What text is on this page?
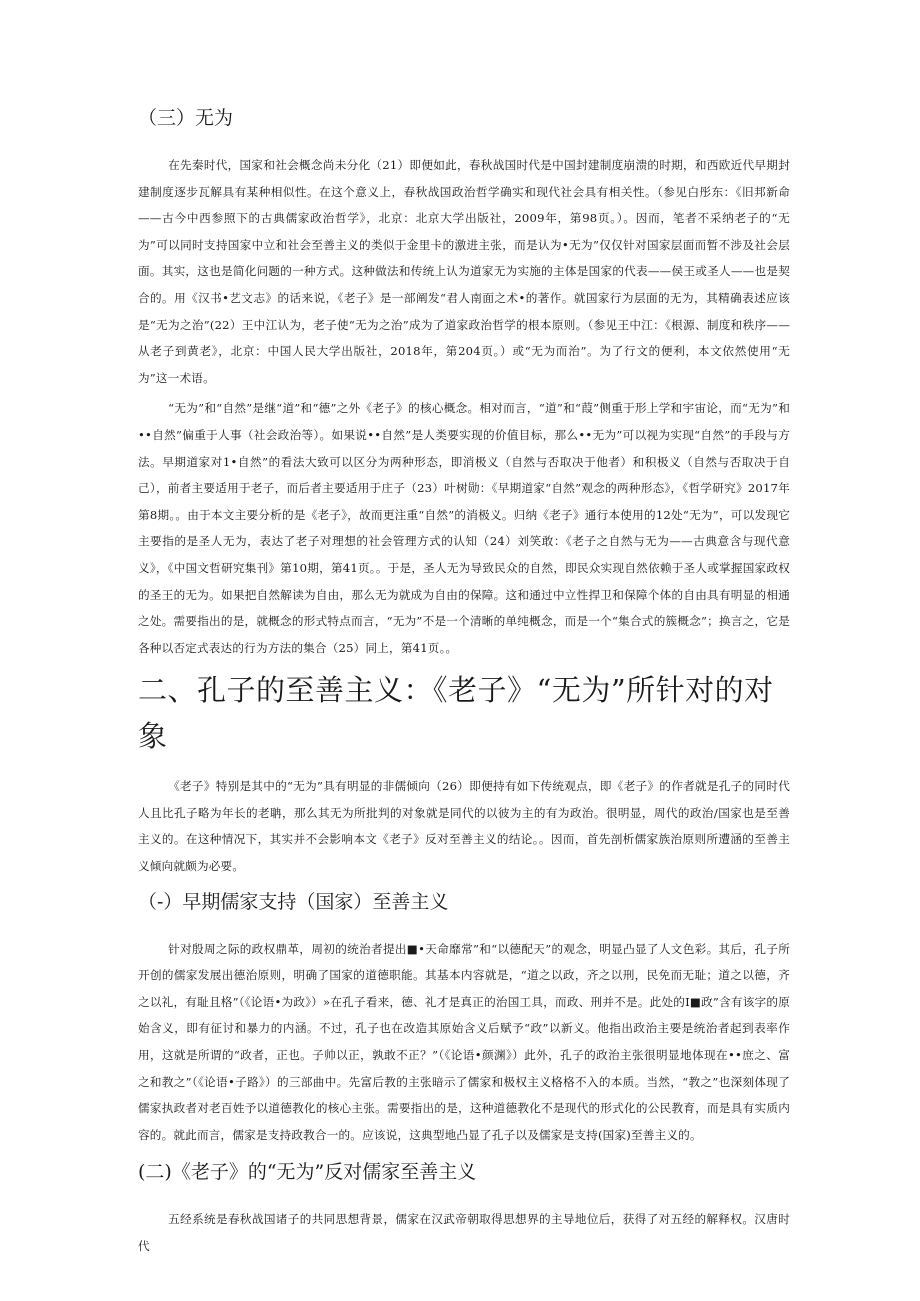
（三）无为

在先秦时代，国家和社会概念尚未分化（21）即便如此，春秋战国时代是中国封建制度崩溃的时期，和西欧近代早期封建制度逐步瓦解具有某种相似性。在这个意义上，春秋战国政治哲学确实和现代社会具有相关性。（参见白彤东：《旧邦新命——古今中西参照下的古典儒家政治哲学》，北京：北京大学出版社，2009年，第98页。）。因而，笔者不采纳老子的“无为”可以同时支持国家中立和社会至善主义的类似于金里卡的激进主张，而是认为•无为”仅仅针对国家层面而暂不涉及社会层面。其实，这也是简化问题的一种方式。这种做法和传统上认为道家无为实施的主体是国家的代表——侯王或圣人——也是契合的。用《汉书•艺文志》的话来说，《老子》是一部阐发“君人南面之术•的著作。就国家行为层面的无为，其精确表述应该是“无为之治”(22）王中江认为，老子使“无为之治”成为了道家政治哲学的根本原则。（参见王中江：《根源、制度和秩序——从老子到黄老》，北京：中国人民大学出版社，2018年，第204页。）或“无为而治”。为了行文的便利，本文依然使用“无为”这一术语。

“无为”和“自然”是继“道”和“德”之外《老子》的核心概念。相对而言，“道”和“葭”侧重于形上学和宇宙论，而“无为”和••自然”偏重于人事（社会政治等）。如果说••自然”是人类要实现的价值目标，那么••无为”可以视为实现“自然”的手段与方法。早期道家对1•自然”的看法大致可以区分为两种形态，即消极义（自然与否取决于他者）和积极义（自然与否取决于自己），前者主要适用于老子，而后者主要适用于庄子（23）叶树勋：《早期道家“自然”观念的两种形态》，《哲学研究》2017年第8期。。由于本文主要分析的是《老子》，故而更注重“自然”的消极义。归纳《老子》通行本使用的12处“无为”，可以发现它主要指的是圣人无为，表达了老子对理想的社会管理方式的认知（24）刘笑敢：《老子之自然与无为——古典意含与现代意义》，《中国文哲研究集刊》第10期，第41页。。于是，圣人无为导致民众的自然，即民众实现自然依赖于圣人或掌握国家政权的圣王的无为。如果把自然解读为自由，那么无为就成为自由的保障。这和通过中立性捍卫和保障个体的自由具有明显的相通之处。需要指出的是，就概念的形式特点而言，“无为”不是一个清晰的单纯概念，而是一个“集合式的簇概念”；换言之，它是各种以否定式表达的行为方法的集合（25）同上，第41页。。

二、孔子的至善主义：《老子》“无为”所针对的对象

《老子》特别是其中的“无为”具有明显的非儒倾向（26）即便持有如下传统观点，即《老子》的作者就是孔子的同时代人且比孔子略为年长的老聃，那么其无为所批判的对象就是同代的以彼为主的有为政治。很明显，周代的政治/国家也是至善主义的。在这种情况下，其实并不会影响本文《老子》反对至善主义的结论。。因而，首先剖析儒家族治原则所遭涵的至善主义倾向就颇为必要。

（-）早期儒家支持（国家）至善主义

针对殷周之际的政权鼎革，周初的统治者提出■•天命靡常”和“以德配天”的观念，明显凸显了人文色彩。其后，孔子所开创的儒家发展出德治原则，明确了国家的道德职能。其基本内容就是，“道之以政，齐之以刑，民免而无耻；道之以德，齐之以礼，有耻且格”（《论语•为政》）»在孔子看来，德、礼才是真正的治国工具，而政、刑并不是。此处的I■政”含有该字的原始含义，即有征讨和暴力的内涵。不过，孔子也在改造其原始含义后赋予“政”以新义。他指出政治主要是统治者起到表率作用，这就是所谓的“政者，正也。子帅以正，孰敢不正？”（《论语•颜渊》）此外，孔子的政治主张很明显地体现在••庶之、富之和教之”（《论语•子路》）的三部曲中。先富后教的主张暗示了儒家和极权主义格格不入的本质。当然，“教之”也深刻体现了儒家执政者对老百姓予以道德教化的核心主张。需要指出的是，这种道德教化不是现代的形式化的公民教育，而是具有实质内容的。就此而言，儒家是支持政教合一的。应该说，这典型地凸显了孔子以及儒家是支持(国家)至善主义的。

(二)《老子》的“无为”反对儒家至善主义

五经系统是春秋战国诸子的共同思想背景，儒家在汉武帝朝取得思想界的主导地位后，获得了对五经的解释权。汉唐时代
